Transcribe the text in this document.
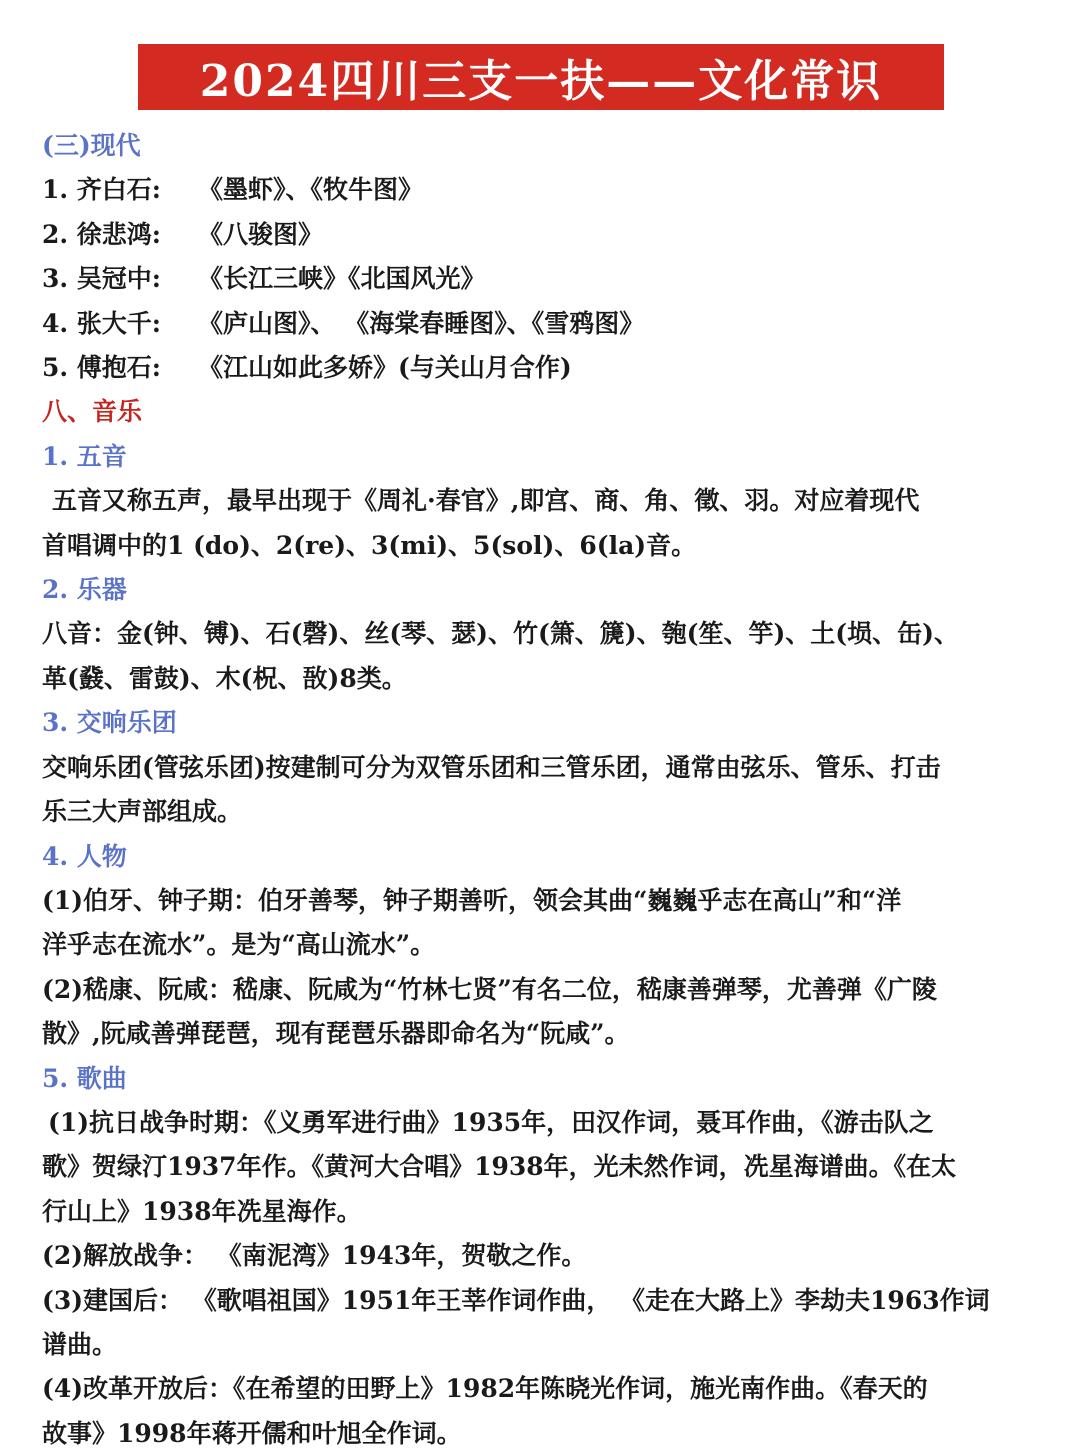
2024四川三支一扶——文化常识
(三)现代
1. 齐白石: 《墨虾》、《牧牛图》
2. 徐悲鸿: 《八骏图》
3. 吴冠中: 《长江三峡》《北国风光》
4. 张大千: 《庐山图》、 《海棠春睡图》、《雪鸦图》
5. 傅抱石: 《江山如此多娇》(与关山月合作)
八、音乐
1. 五音
五音又称五声，最早出现于《周礼·春官》,即宫、商、角、徵、羽。对应着现代
首唱调中的1 (do)、2(re)、3(mi)、5(sol)、6(la)音。
2. 乐器
八音：金(钟、镈)、石(磬)、丝(琴、瑟)、竹(箫、篪)、匏(笙、竽)、土(埙、缶)、
革(鼗、雷鼓)、木(柷、敔)8类。
3. 交响乐团
交响乐团(管弦乐团)按建制可分为双管乐团和三管乐团，通常由弦乐、管乐、打击
乐三大声部组成。
4. 人物
(1)伯牙、钟子期：伯牙善琴，钟子期善听，领会其曲“巍巍乎志在高山”和“洋
洋乎志在流水”。是为“高山流水”。
(2)嵇康、阮咸：嵇康、阮咸为“竹林七贤”有名二位，嵇康善弹琴，尤善弹《广陵
散》,阮咸善弹琵琶，现有琵琶乐器即命名为“阮咸”。
5. 歌曲
(1)抗日战争时期：《义勇军进行曲》1935年，田汉作词，聂耳作曲，《游击队之
歌》贺绿汀1937年作。《黄河大合唱》1938年，光未然作词，冼星海谱曲。《在太
行山上》1938年冼星海作。
(2)解放战争： 《南泥湾》1943年，贺敬之作。
(3)建国后： 《歌唱祖国》1951年王莘作词作曲， 《走在大路上》李劫夫1963作词
谱曲。
(4)改革开放后：《在希望的田野上》1982年陈晓光作词，施光南作曲。《春天的
故事》1998年蒋开儒和叶旭全作词。
